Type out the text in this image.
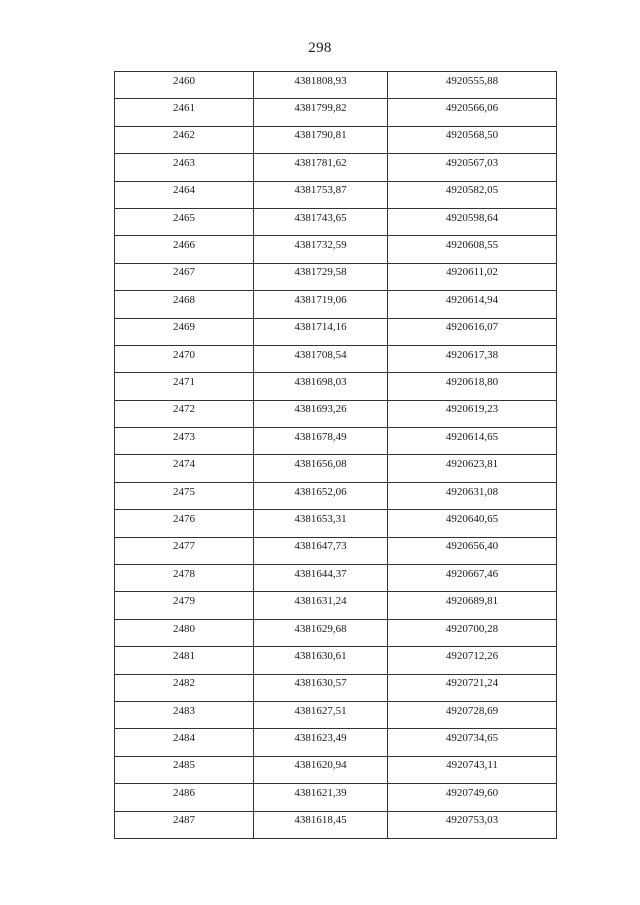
298
2460	4381808,93	4920555,88
2461	4381799,82	4920566,06
2462	4381790,81	4920568,50
2463	4381781,62	4920567,03
2464	4381753,87	4920582,05
2465	4381743,65	4920598,64
2466	4381732,59	4920608,55
2467	4381729,58	4920611,02
2468	4381719,06	4920614,94
2469	4381714,16	4920616,07
2470	4381708,54	4920617,38
2471	4381698,03	4920618,80
2472	4381693,26	4920619,23
2473	4381678,49	4920614,65
2474	4381656,08	4920623,81
2475	4381652,06	4920631,08
2476	4381653,31	4920640,65
2477	4381647,73	4920656,40
2478	4381644,37	4920667,46
2479	4381631,24	4920689,81
2480	4381629,68	4920700,28
2481	4381630,61	4920712,26
2482	4381630,57	4920721,24
2483	4381627,51	4920728,69
2484	4381623,49	4920734,65
2485	4381620,94	4920743,11
2486	4381621,39	4920749,60
2487	4381618,45	4920753,03
